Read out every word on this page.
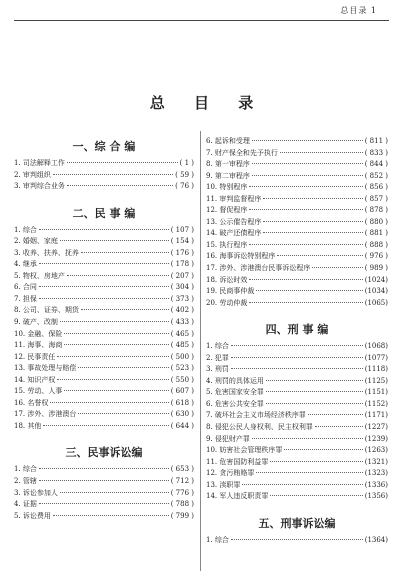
总目录 1
总 目 录
一、综 合 编
1. 司法解释工作	( 1 )
2. 审判组织	( 59 )
3. 审判综合业务	( 76 )
二、民 事 编
1. 综合	( 107 )
2. 婚姻、家庭	( 154 )
3. 收养、扶养、抚养	( 176 )
4. 继承	( 178 )
5. 物权、房地产	( 207 )
6. 合同	( 304 )
7. 担保	( 373 )
8. 公司、证券、期货	( 402 )
9. 破产、改制	( 433 )
10. 金融、保险	( 465 )
11. 海事、海商	( 485 )
12. 民事责任	( 500 )
13. 事故处理与赔偿	( 523 )
14. 知识产权	( 550 )
15. 劳动、人事	( 607 )
16. 名誉权	( 618 )
17. 涉外、涉港澳台	( 630 )
18. 其他	( 644 )
三、民事诉讼编
1. 综合	( 653 )
2. 管辖	( 712 )
3. 诉讼参加人	( 776 )
4. 证据	( 788 )
5. 诉讼费用	( 799 )
6. 起诉和受理	( 811 )
7. 财产保全和先予执行	( 833 )
8. 第一审程序	( 844 )
9. 第二审程序	( 852 )
10. 特别程序	( 856 )
11. 审判监督程序	( 857 )
12. 督促程序	( 878 )
13. 公示催告程序	( 880 )
14. 破产还债程序	( 881 )
15. 执行程序	( 888 )
16. 海事诉讼特别程序	( 976 )
17. 涉外、涉港澳台民事诉讼程序	( 989 )
18. 诉讼时效	(1024)
19. 民商事仲裁	(1034)
20. 劳动仲裁	(1065)
四、刑 事 编
1. 综合	(1068)
2. 犯罪	(1077)
3. 刑罚	(1118)
4. 刑罚的具体运用	(1125)
5. 危害国家安全罪	(1151)
6. 危害公共安全罪	(1152)
7. 破坏社会主义市场经济秩序罪	(1171)
8. 侵犯公民人身权利、民主权利罪	(1227)
9. 侵犯财产罪	(1239)
10. 妨害社会管理秩序罪	(1263)
11. 危害国防利益罪	(1321)
12. 贪污贿赂罪	(1323)
13. 渎职罪	(1336)
14. 军人违反职责罪	(1356)
五、刑事诉讼编
1. 综合	(1364)
